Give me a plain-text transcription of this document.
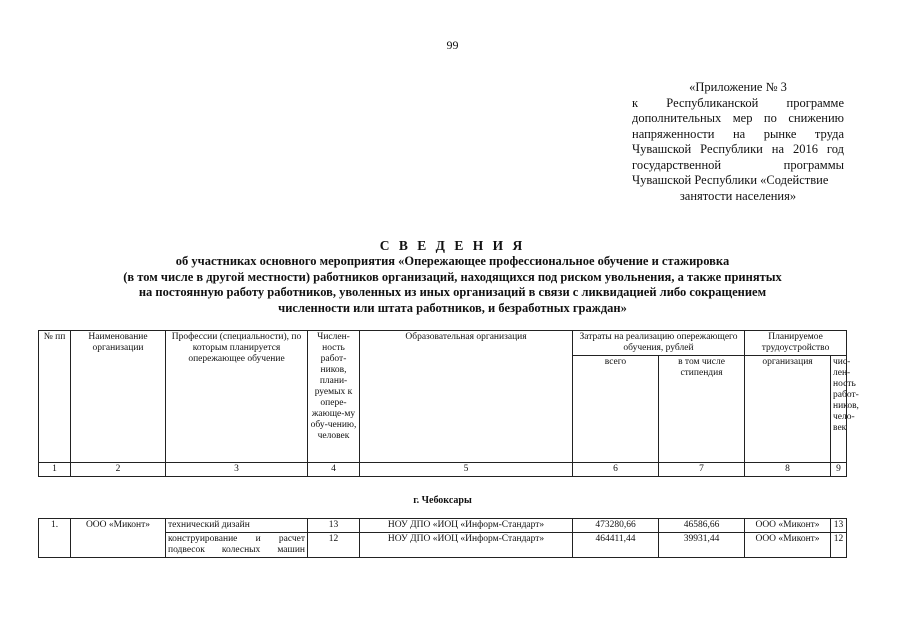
99
«Приложение № 3
к Республиканской программе дополнительных мер по снижению напряженности на рынке труда Чувашской Республики на 2016 год государственной программы Чувашской Республики «Содействие
занятости населения»
С В Е Д Е Н И Я
об участниках основного мероприятия «Опережающее профессиональное обучение и стажировка
(в том числе в другой местности) работников организаций, находящихся под риском увольнения, а также принятых
на постоянную работу работников, уволенных из иных организаций в связи с ликвидацией либо сокращением
численности или штата работников, и безработных граждан»
№ пп	Наименование организации	Профессии (специальности), по которым планируется опережающее обучение	Числен-ность работ-ников, плани-руемых к опере-жающе-му обу-чению, человек	Образовательная организация	Затраты на реализацию опережающего обучения, рублей		Планируемое трудоустройство	
					всего	в том числе стипендия	организация	чис-лен-ность работ-ников, чело-век
1	2	3	4	5	6	7	8	9
г. Чебоксары								
1.	ООО «Миконт»	технический дизайн	13	НОУ ДПО «ИОЦ «Информ-Стандарт»	473280,66	46586,66	ООО «Миконт»	13
		конструирование и расчет подвесок колесных машин	12	НОУ ДПО «ИОЦ «Информ-Стандарт»	464411,44	39931,44	ООО «Миконт»	12
